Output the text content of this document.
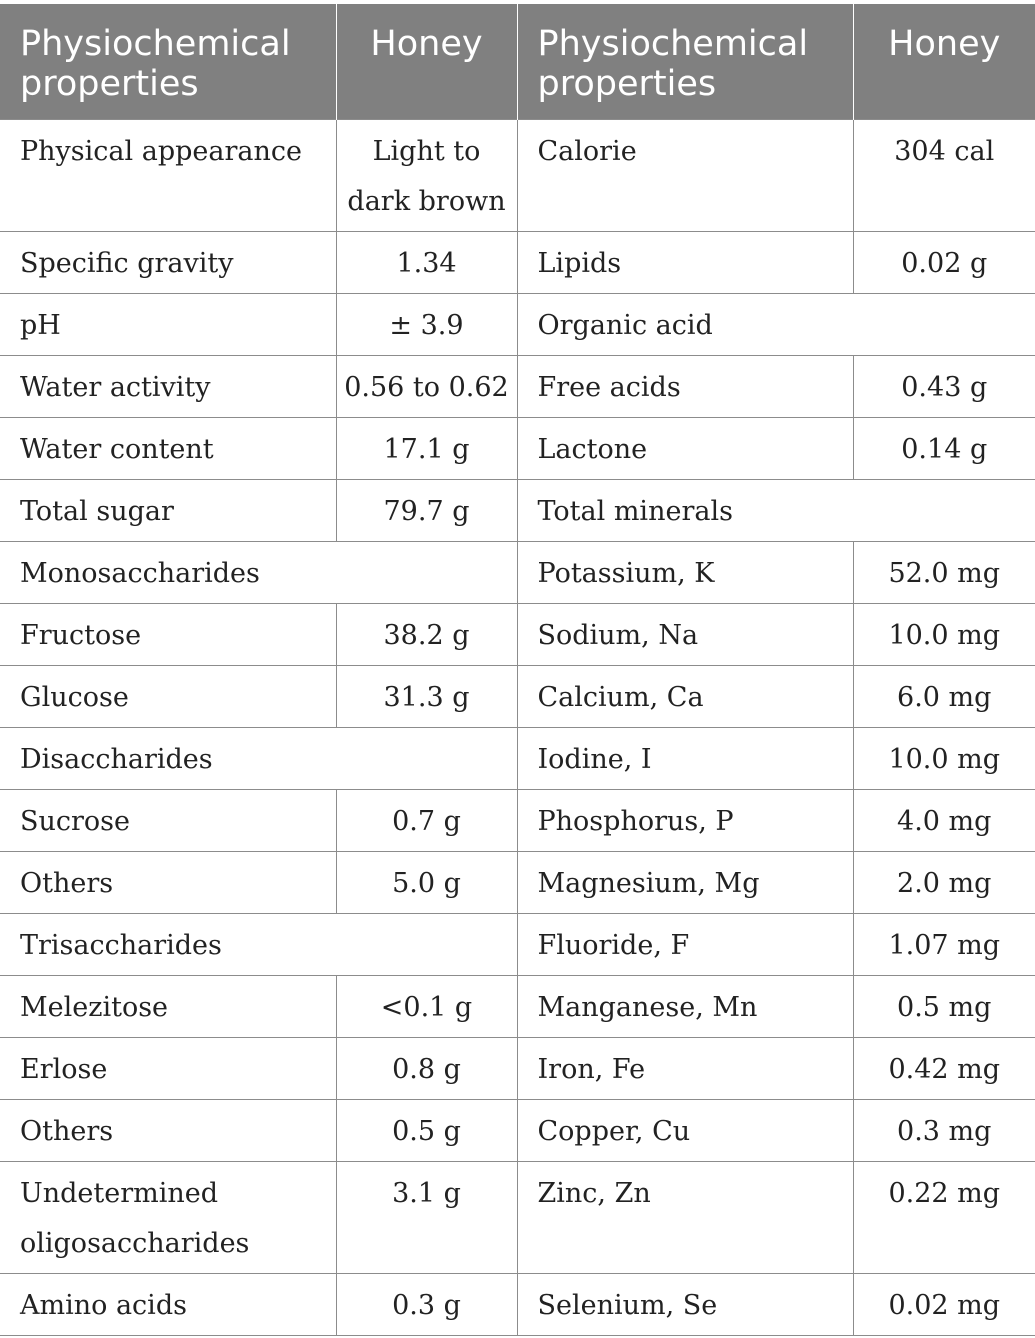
Physiochemical properties	Honey	Physiochemical properties	Honey
Physical appearance	Light to dark brown	Calorie	304 cal
Specific gravity	1.34	Lipids	0.02 g
pH	± 3.9	Organic acid	
Water activity	0.56 to 0.62	Free acids	0.43 g
Water content	17.1 g	Lactone	0.14 g
Total sugar	79.7 g	Total minerals	
Monosaccharides		Potassium, K	52.0 mg
Fructose	38.2 g	Sodium, Na	10.0 mg
Glucose	31.3 g	Calcium, Ca	6.0 mg
Disaccharides		Iodine, I	10.0 mg
Sucrose	0.7 g	Phosphorus, P	4.0 mg
Others	5.0 g	Magnesium, Mg	2.0 mg
Trisaccharides		Fluoride, F	1.07 mg
Melezitose	<0.1 g	Manganese, Mn	0.5 mg
Erlose	0.8 g	Iron, Fe	0.42 mg
Others	0.5 g	Copper, Cu	0.3 mg
Undetermined oligosaccharides	3.1 g	Zinc, Zn	0.22 mg
Amino acids	0.3 g	Selenium, Se	0.02 mg
